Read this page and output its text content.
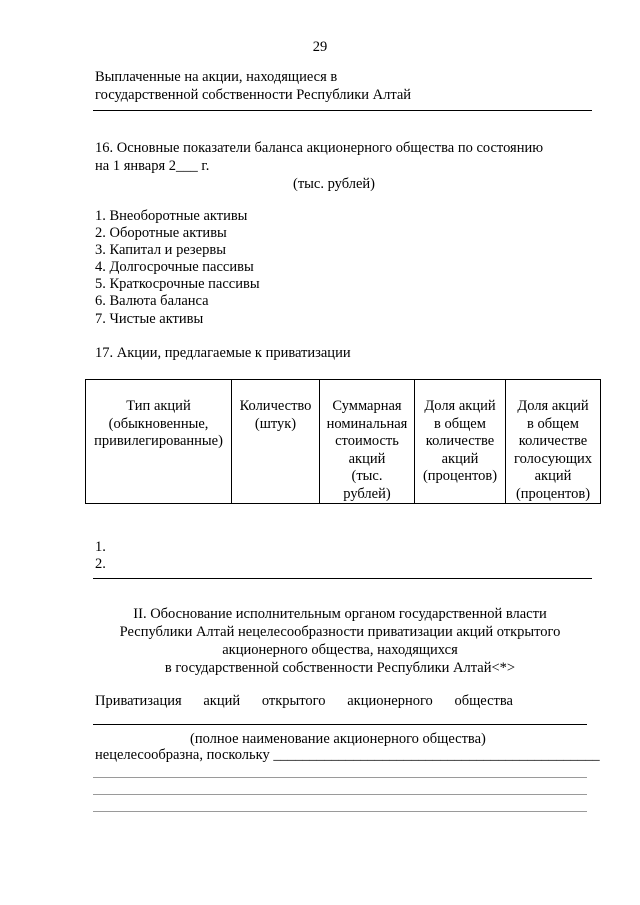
29
Выплаченные на акции, находящиеся в
государственной собственности Республики Алтай
16. Основные показатели баланса акционерного общества по состоянию
на 1 января 2___ г.
(тыс. рублей)
1. Внеоборотные активы
2. Оборотные активы
3. Капитал и резервы
4. Долгосрочные пассивы
5. Краткосрочные пассивы
6. Валюта баланса
7. Чистые активы
17. Акции, предлагаемые к приватизации
Тип акций
(обыкновенные,
привилегированные)

Количество
(штук)

Суммарная
номинальная
стоимость
акций
(тыс.
рублей)

Доля акций
в общем
количестве
акций
(процентов)

Доля акций
в общем
количестве
голосующих
акций
(процентов)
1.
2.
II. Обоснование исполнительным органом государственной власти
Республики Алтай нецелесообразности приватизации акций открытого
акционерного общества, находящихся
в государственной собственности Республики Алтай<*>
Приватизация акций открытого акционерного общества
(полное наименование акционерного общества)
нецелесообразна, поскольку _____________________________________________
